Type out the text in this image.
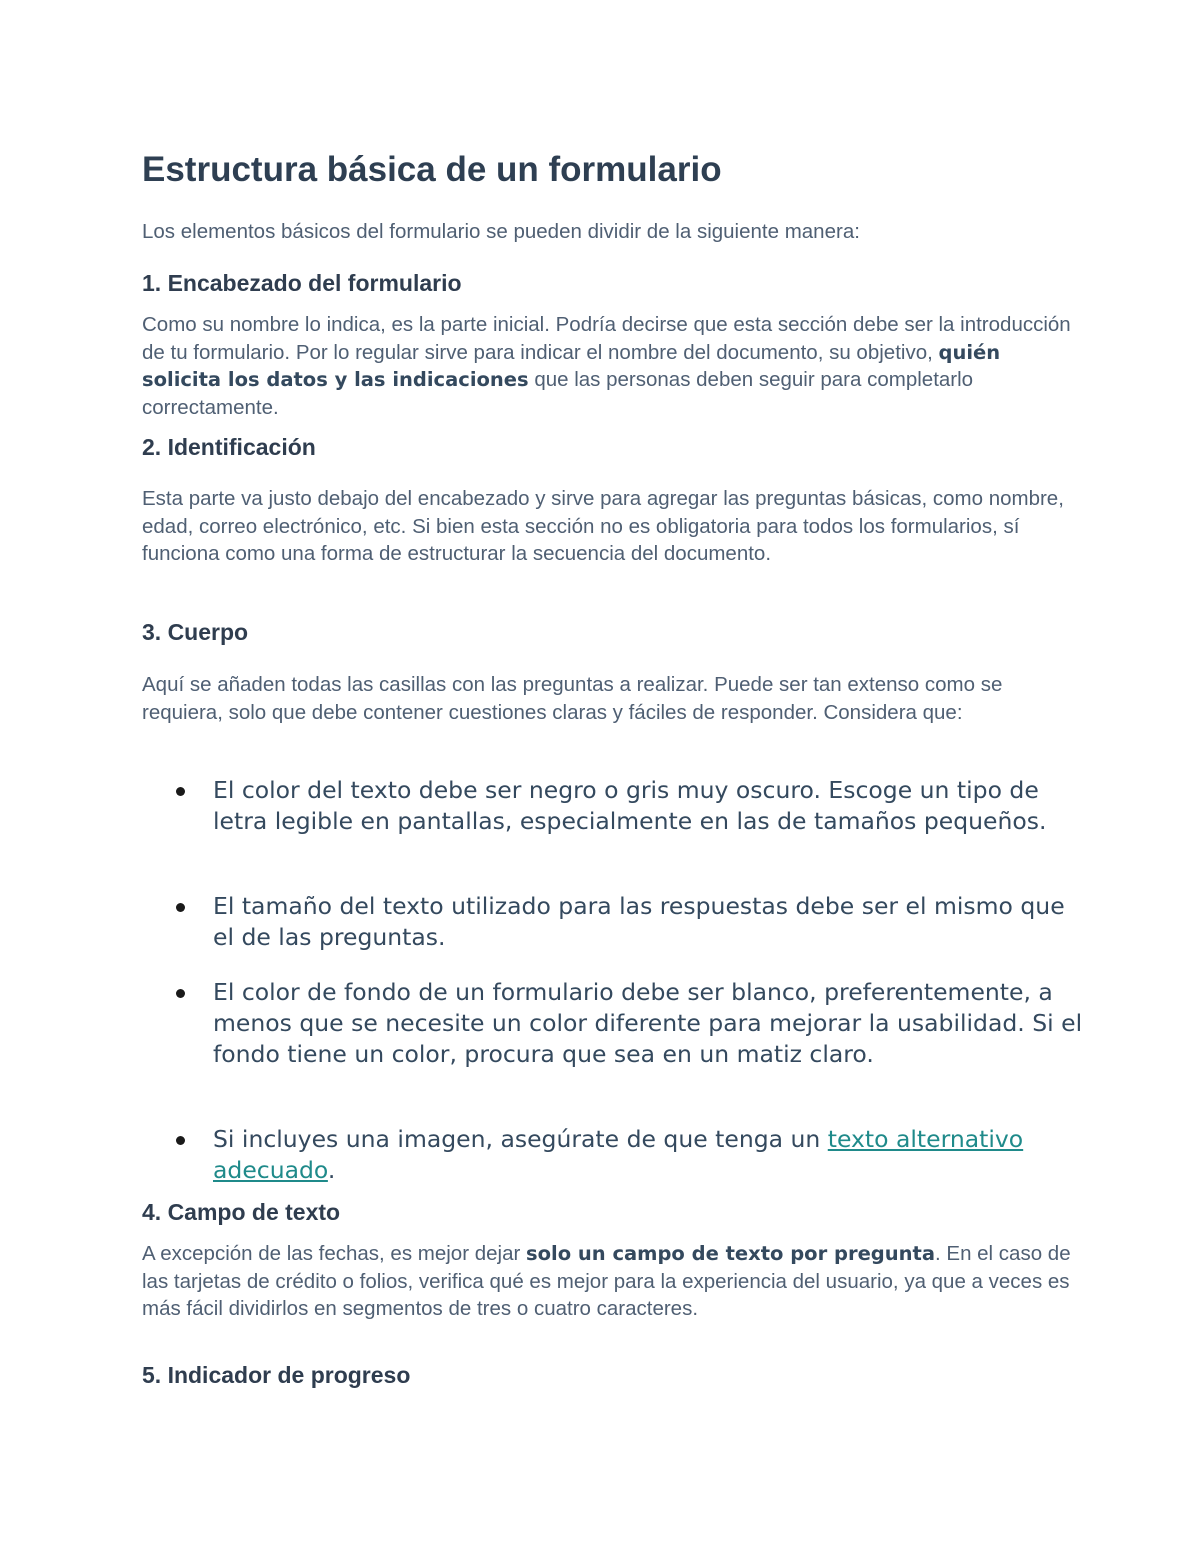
Estructura básica de un formulario

Los elementos básicos del formulario se pueden dividir de la siguiente manera:

1. Encabezado del formulario

Como su nombre lo indica, es la parte inicial. Podría decirse que esta sección debe ser la introducción de tu formulario. Por lo regular sirve para indicar el nombre del documento, su objetivo, quién solicita los datos y las indicaciones que las personas deben seguir para completarlo correctamente.

2. Identificación

Esta parte va justo debajo del encabezado y sirve para agregar las preguntas básicas, como nombre, edad, correo electrónico, etc. Si bien esta sección no es obligatoria para todos los formularios, sí funciona como una forma de estructurar la secuencia del documento.

3. Cuerpo

Aquí se añaden todas las casillas con las preguntas a realizar. Puede ser tan extenso como se requiera, solo que debe contener cuestiones claras y fáciles de responder. Considera que:

El color del texto debe ser negro o gris muy oscuro. Escoge un tipo de letra legible en pantallas, especialmente en las de tamaños pequeños.
El tamaño del texto utilizado para las respuestas debe ser el mismo que el de las preguntas.
El color de fondo de un formulario debe ser blanco, preferentemente, a menos que se necesite un color diferente para mejorar la usabilidad. Si el fondo tiene un color, procura que sea en un matiz claro.
Si incluyes una imagen, asegúrate de que tenga un texto alternativo adecuado.
4. Campo de texto

A excepción de las fechas, es mejor dejar solo un campo de texto por pregunta. En el caso de las tarjetas de crédito o folios, verifica qué es mejor para la experiencia del usuario, ya que a veces es más fácil dividirlos en segmentos de tres o cuatro caracteres.

5. Indicador de progreso
